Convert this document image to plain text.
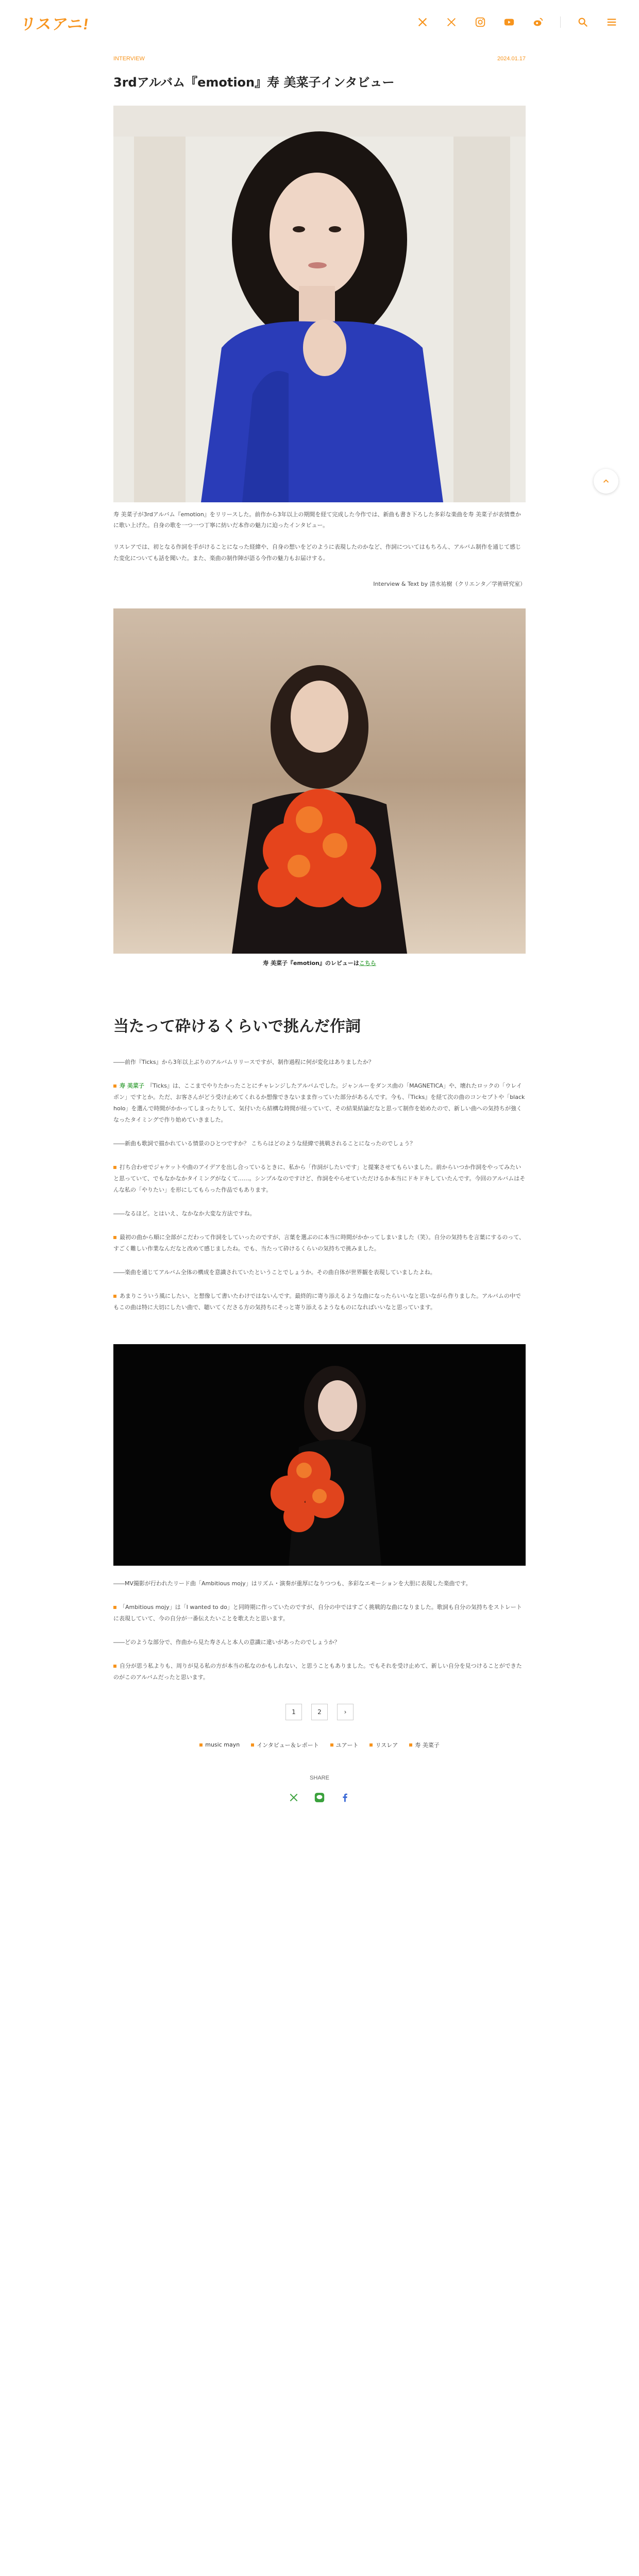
リスアニ!
INTERVIEW	2024.01.17
3rdアルバム『emotion』寿 美菜子インタビュー

寿 美菜子が3rdアルバム『emotion』をリリースした。前作から3年以上の期間を経て完成した今作では、新曲も書き下ろした多彩な楽曲を寿 美菜子が表情豊かに歌い上げた。自身の歌を一つ一つ丁寧に紡いだ本作の魅力に迫ったインタビュー。

リスレアでは、初となる作詞を手がけることになった経緯や、自身の想いをどのように表現したのかなど、作詞についてはもちろん、アルバム制作を通じて感じた変化についても話を聞いた。また、楽曲の制作陣が語る今作の魅力もお届けする。

Interview & Text by 清水祐樹（クリエンタ／学術研究室）

寿 美菜子『emotion』のレビューはこちら

当たって砕けるくらいで挑んだ作詞

――前作『Ticks』から3年以上ぶりのアルバムリリースですが、制作過程に何が変化はありましたか？

寿 美菜子　 『Ticks』は、ここまでやりたかったことにチャレンジしたアルバムでした。ジャンルーをダンス曲の「MAGNETICA」や、壊れたロックの「ウレイポン」ですとか。ただ、お客さんがどう受け止めてくれるか想像できないまま作っていた部分があるんです。今も、『Ticks』を経て次の曲のコンセプトや「black holo」を選んで時間がかかってしまったりして、気付いたら結構な時間が経っていて、その結果結論だなと思って制作を始めたので、新しい曲への気持ちが強くなったタイミングで作り始めていきました。

――新曲も歌詞で描かれている情景のひとつですか？ こちらはどのような経緯で挑戦されることになったのでしょう？

打ち合わせでジャケットや曲のアイデアを出し合っているときに、私から「作詞がしたいです」と提案させてもらいました。前からいつか作詞をやってみたいと思っていて、でもなかなかタイミングがなくて……。シンプルなのですけど、作詞をやらせていただけるか本当にドキドキしていたんです。今回のアルバムはそんな私の「やりたい」を形にしてもらった作品でもあります。

――なるほど。とはいえ、なかなか大変な方法ですね。

最初の曲から順に全部がこだわって作詞をしていったのですが、言葉を選ぶのに本当に時間がかかってしまいました（笑）。自分の気持ちを言葉にするのって、すごく難しい作業なんだなと改めて感じましたね。でも、当たって砕けるくらいの気持ちで挑みました。

――楽曲を通じてアルバム全体の構成を意識されていたということでしょうか。その曲自体が世界観を表現していましたよね。

あまりこういう風にしたい、と想像して書いたわけではないんです。最終的に寄り添えるような曲になったらいいなと思いながら作りました。アルバムの中でもこの曲は特に大切にしたい曲で、聴いてくださる方の気持ちにそっと寄り添えるようなものになればいいなと思っています。

――MV撮影が行われたリード曲「Ambitious mojy」はリズム・演奏が重厚になりつつも、多彩なエモーションを大胆に表現した楽曲です。

「Ambitious mojy」は「I wanted to do」と同時期に作っていたのですが、自分の中ではすごく挑戦的な曲になりました。歌詞も自分の気持ちをストレートに表現していて、今の自分が一番伝えたいことを歌えたと思います。

――どのような部分で、作曲から見た寿さんと本人の意識に違いがあったのでしょうか？

自分が思う私よりも、周りが見る私の方が本当の私なのかもしれない、と思うこともありました。でもそれを受け止めて、新しい自分を見つけることができたのがこのアルバムだったと思います。

1	2	›
music mayn	インタビュー＆レポート	ユアート	リスレア	寿 美菜子
SHARE
